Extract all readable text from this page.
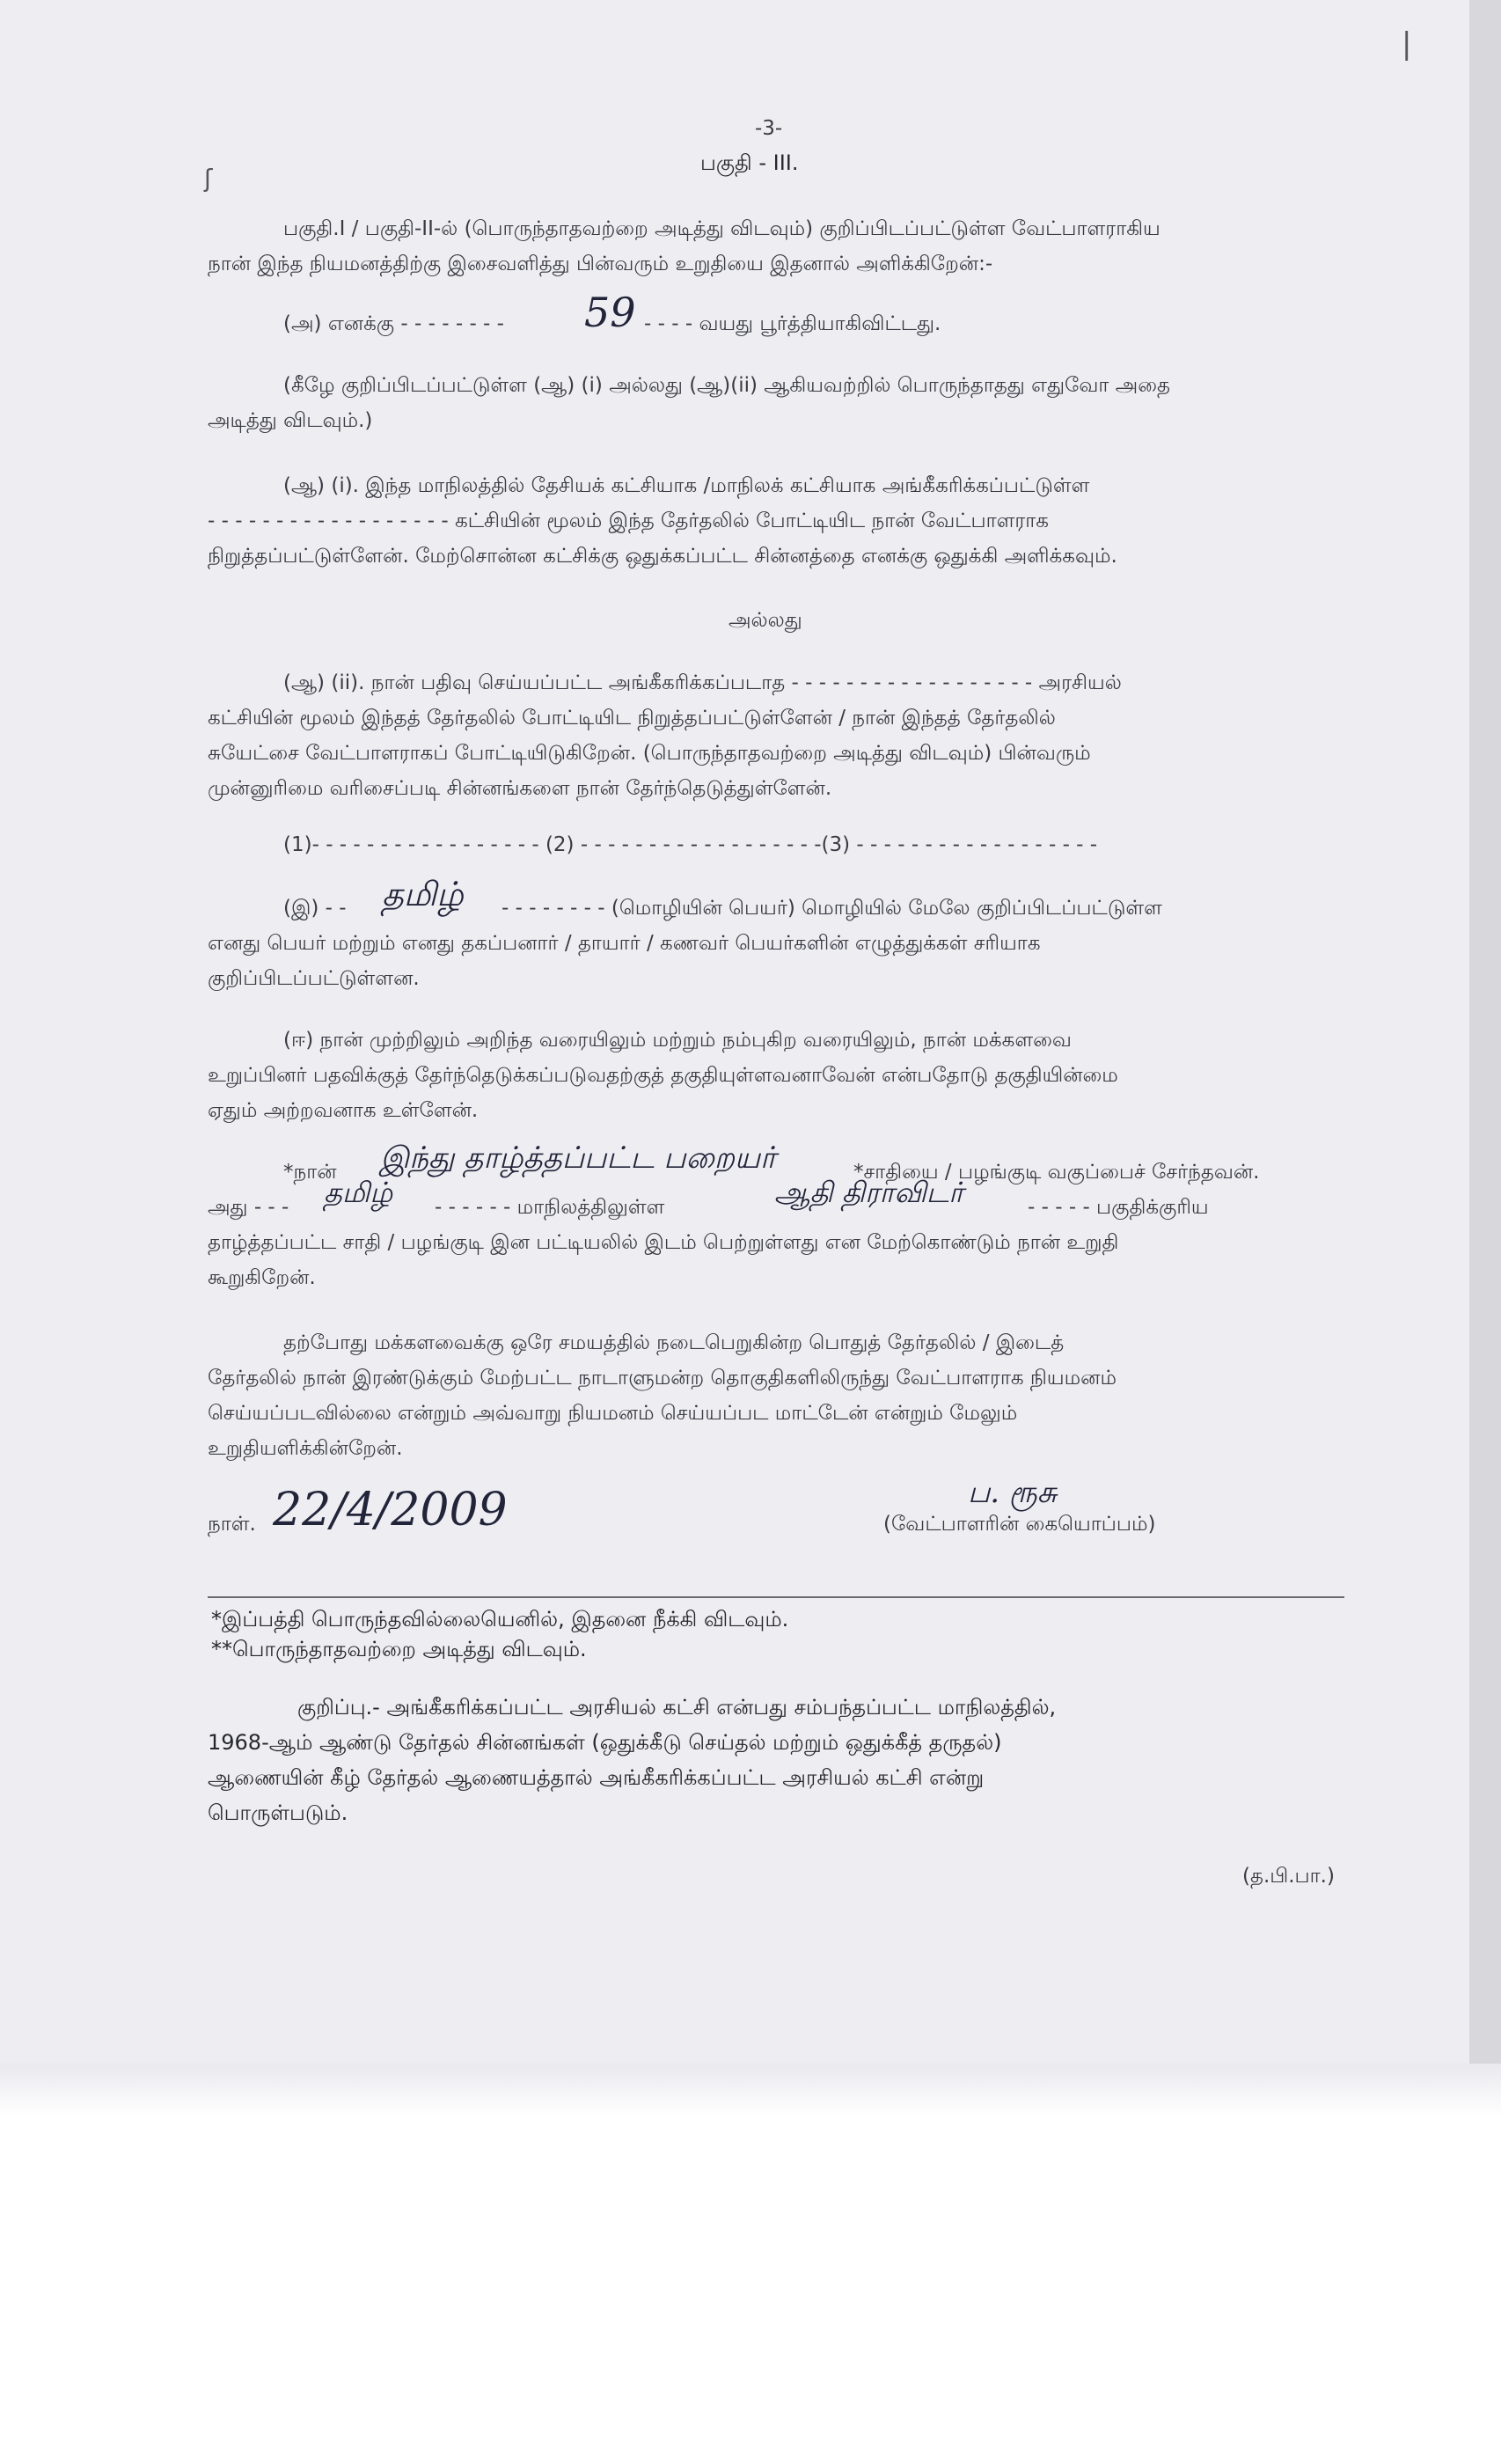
ʃ
|

-3-

பகுதி - III.

பகுதி.I / பகுதி-II-ல் (பொருந்தாதவற்றை அடித்து விடவும்) குறிப்பிடப்பட்டுள்ள வேட்பாளராகிய

நான் இந்த நியமனத்திற்கு இசைவளித்து பின்வரும் உறுதியை இதனால் அளிக்கிறேன்:-

(அ) எனக்கு - - - - - - - - 59 - - - - வயது பூர்த்தியாகிவிட்டது.

(கீழே குறிப்பிடப்பட்டுள்ள (ஆ) (i) அல்லது (ஆ)(ii) ஆகியவற்றில் பொருந்தாதது எதுவோ அதை

அடித்து விடவும்.)

(ஆ) (i). இந்த மாநிலத்தில் தேசியக் கட்சியாக /மாநிலக் கட்சியாக அங்கீகரிக்கப்பட்டுள்ள

- - - - - - - - - - - - - - - - - - கட்சியின் மூலம் இந்த தேர்தலில் போட்டியிட நான் வேட்பாளராக

நிறுத்தப்பட்டுள்ளேன். மேற்சொன்ன கட்சிக்கு ஒதுக்கப்பட்ட சின்னத்தை எனக்கு ஒதுக்கி அளிக்கவும்.

அல்லது

(ஆ) (ii). நான் பதிவு செய்யப்பட்ட அங்கீகரிக்கப்படாத - - - - - - - - - - - - - - - - - - அரசியல்

கட்சியின் மூலம் இந்தத் தேர்தலில் போட்டியிட நிறுத்தப்பட்டுள்ளேன் / நான் இந்தத் தேர்தலில்

சுயேட்சை வேட்பாளராகப் போட்டியிடுகிறேன். (பொருந்தாதவற்றை அடித்து விடவும்) பின்வரும்

முன்னுரிமை வரிசைப்படி சின்னங்களை நான் தேர்ந்தெடுத்துள்ளேன்.

(1)- - - - - - - - - - - - - - - - - (2) - - - - - - - - - - - - - - - - - -(3) - - - - - - - - - - - - - - - - - -

(இ) - - தமிழ் - - - - - - - - (மொழியின் பெயர்) மொழியில் மேலே குறிப்பிடப்பட்டுள்ள

எனது பெயர் மற்றும் எனது தகப்பனார் / தாயார் / கணவர் பெயர்களின் எழுத்துக்கள் சரியாக

குறிப்பிடப்பட்டுள்ளன.

(ஈ) நான் முற்றிலும் அறிந்த வரையிலும் மற்றும் நம்புகிற வரையிலும், நான் மக்களவை

உறுப்பினர் பதவிக்குத் தேர்ந்தெடுக்கப்படுவதற்குத் தகுதியுள்ளவனாவேன் என்பதோடு தகுதியின்மை

ஏதும் அற்றவனாக உள்ளேன்.

*நான் இந்து தாழ்த்தப்பட்ட பறையர்	*சாதியை / பழங்குடி வகுப்பைச் சேர்ந்தவன்.

அது - - - தமிழ் - - - - - - மாநிலத்திலுள்ள	ஆதி திராவிடர்	- - - - - பகுதிக்குரிய

தாழ்த்தப்பட்ட சாதி / பழங்குடி இன பட்டியலில் இடம் பெற்றுள்ளது என மேற்கொண்டும் நான் உறுதி

கூறுகிறேன்.

தற்போது மக்களவைக்கு ஒரே சமயத்தில் நடைபெறுகின்ற பொதுத் தேர்தலில் / இடைத்

தேர்தலில் நான் இரண்டுக்கும் மேற்பட்ட நாடாளுமன்ற தொகுதிகளிலிருந்து வேட்பாளராக நியமனம்

செய்யப்படவில்லை என்றும் அவ்வாறு நியமனம் செய்யப்பட மாட்டேன் என்றும் மேலும்

உறுதியளிக்கின்றேன்.

நாள். 22/4/2009	ப. ரூசு

(வேட்பாளரின் கையொப்பம்)

*இப்பத்தி பொருந்தவில்லையெனில், இதனை நீக்கி விடவும்.

**பொருந்தாதவற்றை அடித்து விடவும்.

குறிப்பு.- அங்கீகரிக்கப்பட்ட அரசியல் கட்சி என்பது சம்பந்தப்பட்ட மாநிலத்தில்,

1968-ஆம் ஆண்டு தேர்தல் சின்னங்கள் (ஒதுக்கீடு செய்தல் மற்றும் ஒதுக்கீத் தருதல்)

ஆணையின் கீழ் தேர்தல் ஆணையத்தால் அங்கீகரிக்கப்பட்ட அரசியல் கட்சி என்று

பொருள்படும்.

(த.பி.பா.)
